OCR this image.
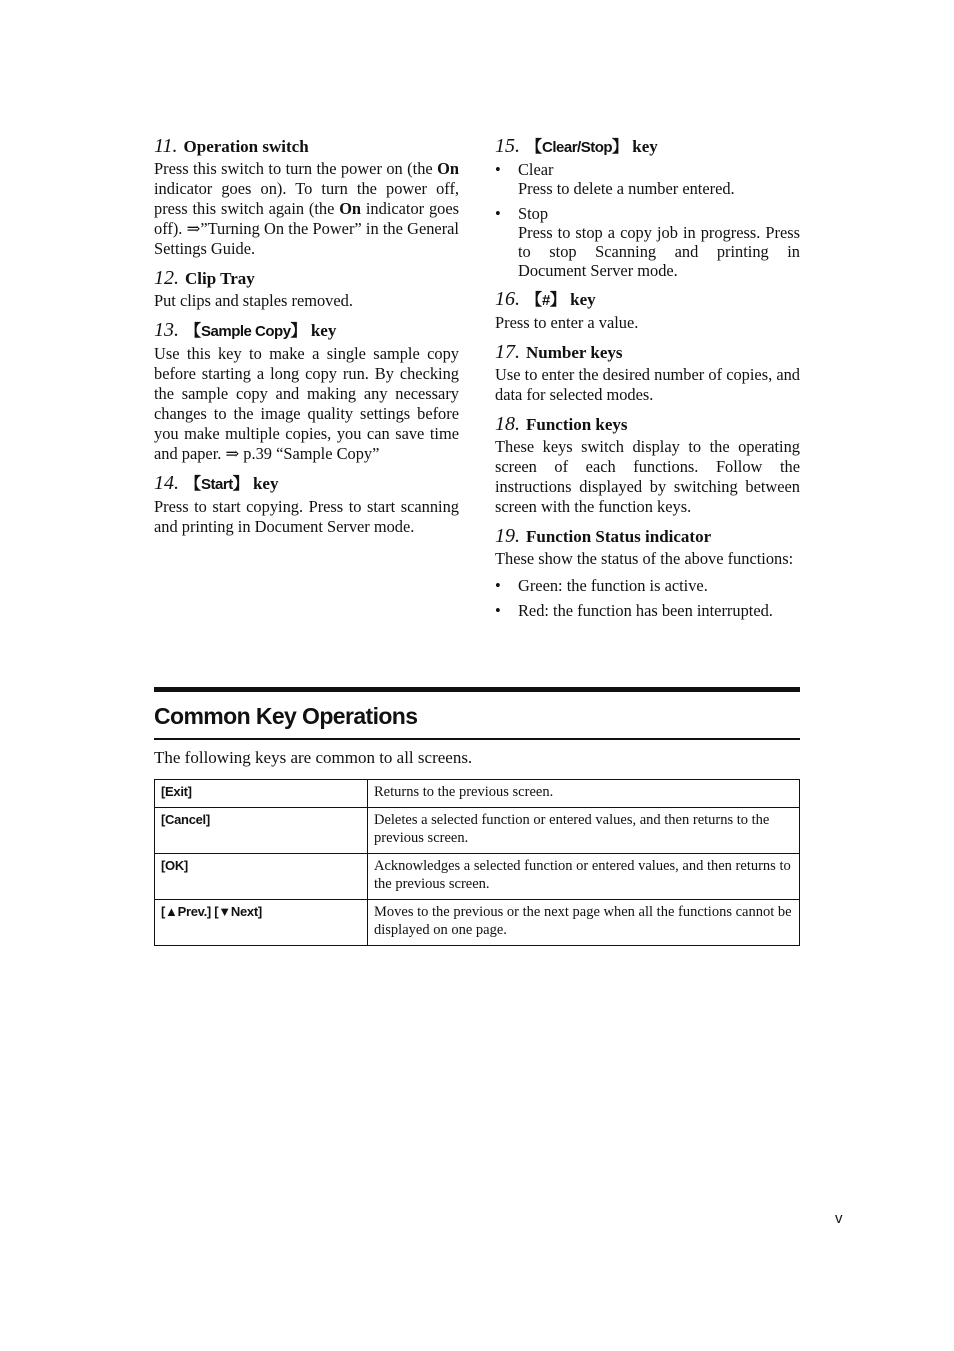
11. Operation switch

Press this switch to turn the power on (the On indicator goes on). To turn the power off, press this switch again (the On indicator goes off). ⇒”Turning On the Power” in the General Settings Guide.

12. Clip Tray

Put clips and staples removed.

13. 【Sample Copy】 key

Use this key to make a single sample copy before starting a long copy run. By checking the sample copy and making any necessary changes to the image quality settings before you make multiple copies, you can save time and paper. ⇒ p.39 “Sample Copy”

14. 【Start】 key

Press to start copying. Press to start scanning and printing in Document Server mode.

15. 【Clear/Stop】 key

• Clear
Press to delete a number entered.
• Stop
Press to stop a copy job in progress. Press to stop Scanning and printing in Document Server mode.

16. 【#】 key

Press to enter a value.

17. Number keys

Use to enter the desired number of copies, and data for selected modes.

18. Function keys

These keys switch display to the operating screen of each functions. Follow the instructions displayed by switching between screen with the function keys.

19. Function Status indicator

These show the status of the above functions:

• Green: the function is active.
• Red: the function has been interrupted.
Common Key Operations

The following keys are common to all screens.

[Exit]	Returns to the previous screen.
[Cancel]	Deletes a selected function or entered values, and then returns to the previous screen.
[OK]	Acknowledges a selected function or entered values, and then returns to the previous screen.
[▲Prev.] [▼Next]	Moves to the previous or the next page when all the functions cannot be displayed on one page.
v
